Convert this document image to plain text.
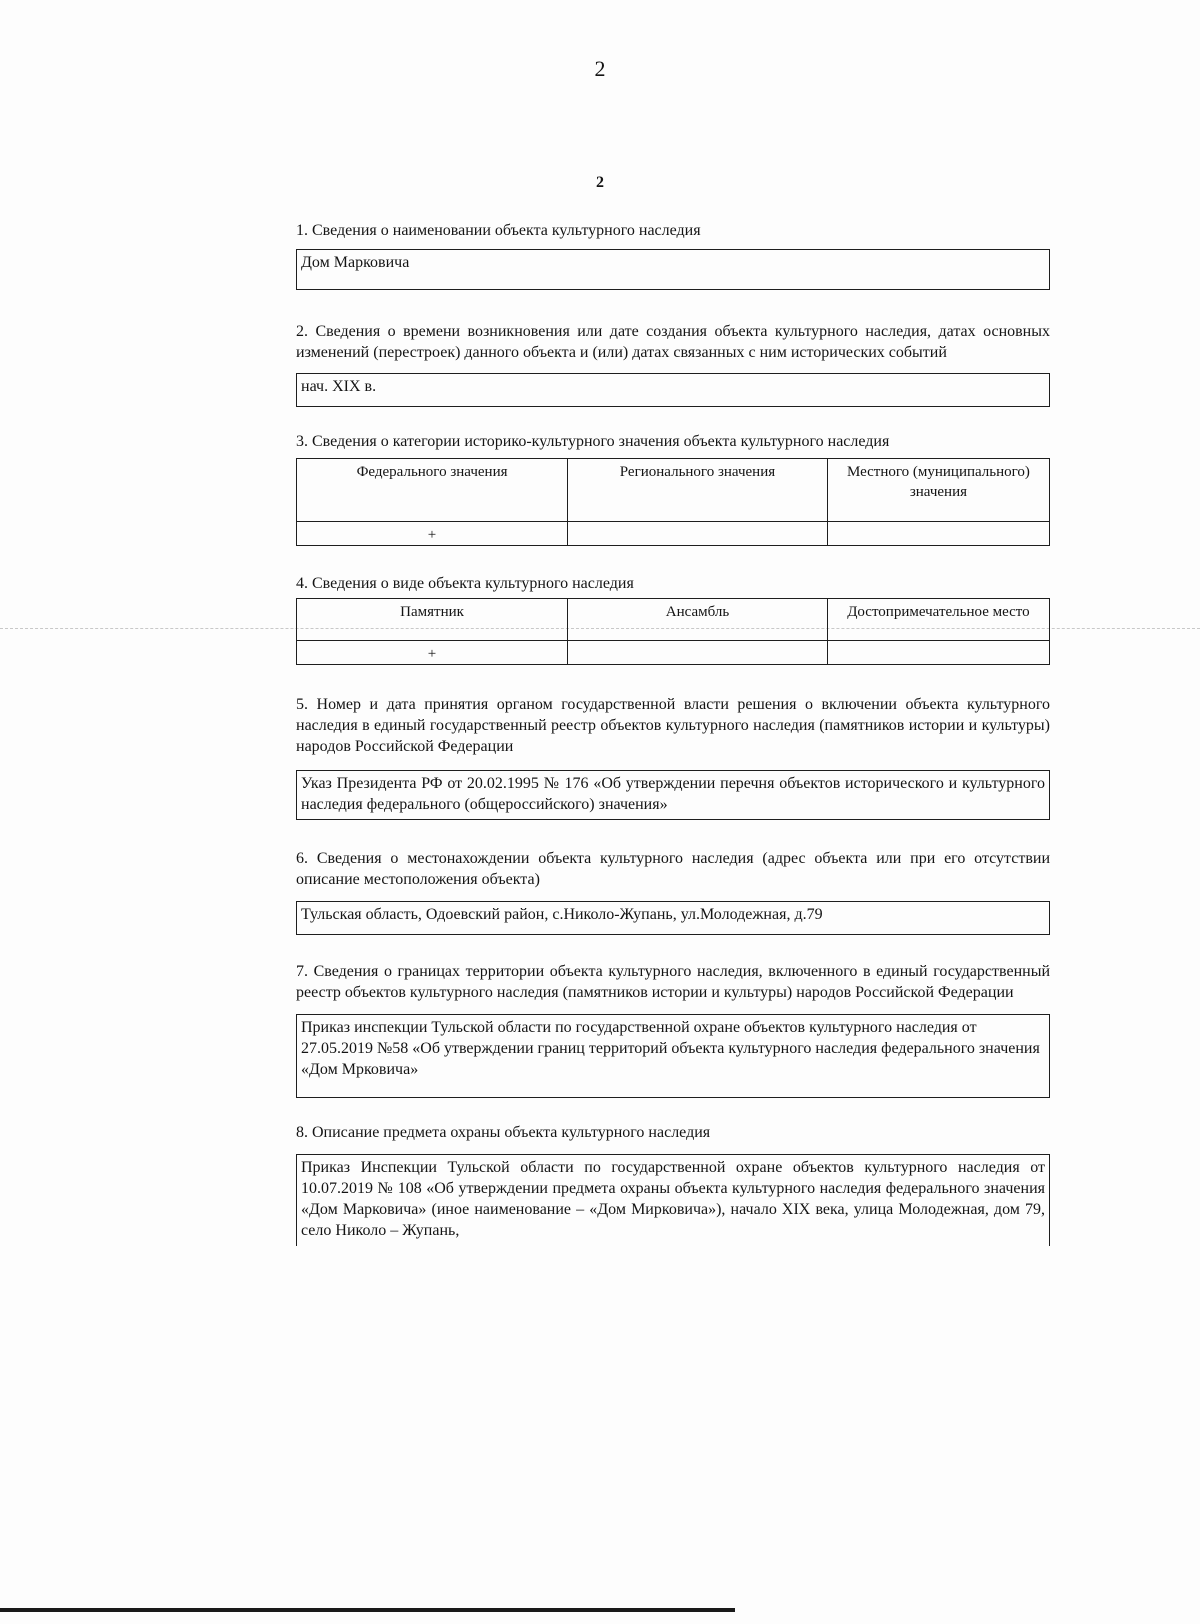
2
2
1. Сведения о наименовании объекта культурного наследия
Дом Марковича
2. Сведения о времени возникновения или дате создания объекта культурного наследия, датах основных изменений (перестроек) данного объекта и (или) датах связанных с ним исторических событий
нач. XIX в.
3. Сведения о категории историко-культурного значения объекта культурного наследия
Федерального значения	Регионального значения	Местного (муниципального) значения
+		
4. Сведения о виде объекта культурного наследия
Памятник	Ансамбль	Достопримечательное место
+		
5. Номер и дата принятия органом государственной власти решения о включении объекта культурного наследия в единый государственный реестр объектов культурного наследия (памятников истории и культуры) народов Российской Федерации
Указ Президента РФ от 20.02.1995 № 176 «Об утверждении перечня объектов исторического и культурного наследия федерального (общероссийского) значения»
6. Сведения о местонахождении объекта культурного наследия (адрес объекта или при его отсутствии описание местоположения объекта)
Тульская область, Одоевский район, с.Николо-Жупань, ул.Молодежная, д.79
7. Сведения о границах территории объекта культурного наследия, включенного в единый государственный реестр объектов культурного наследия (памятников истории и культуры) народов Российской Федерации
Приказ инспекции Тульской области по государственной охране объектов культурного наследия от 27.05.2019 №58 «Об утверждении границ территорий объекта культурного наследия федерального значения «Дом Мрковича»
8. Описание предмета охраны объекта культурного наследия
Приказ Инспекции Тульской области по государственной охране объектов культурного наследия от 10.07.2019 № 108 «Об утверждении предмета охраны объекта культурного наследия федерального значения «Дом Марковича» (иное наименование – «Дом Мирковича»), начало XIX века, улица Молодежная, дом 79, село Николо – Жупань,
